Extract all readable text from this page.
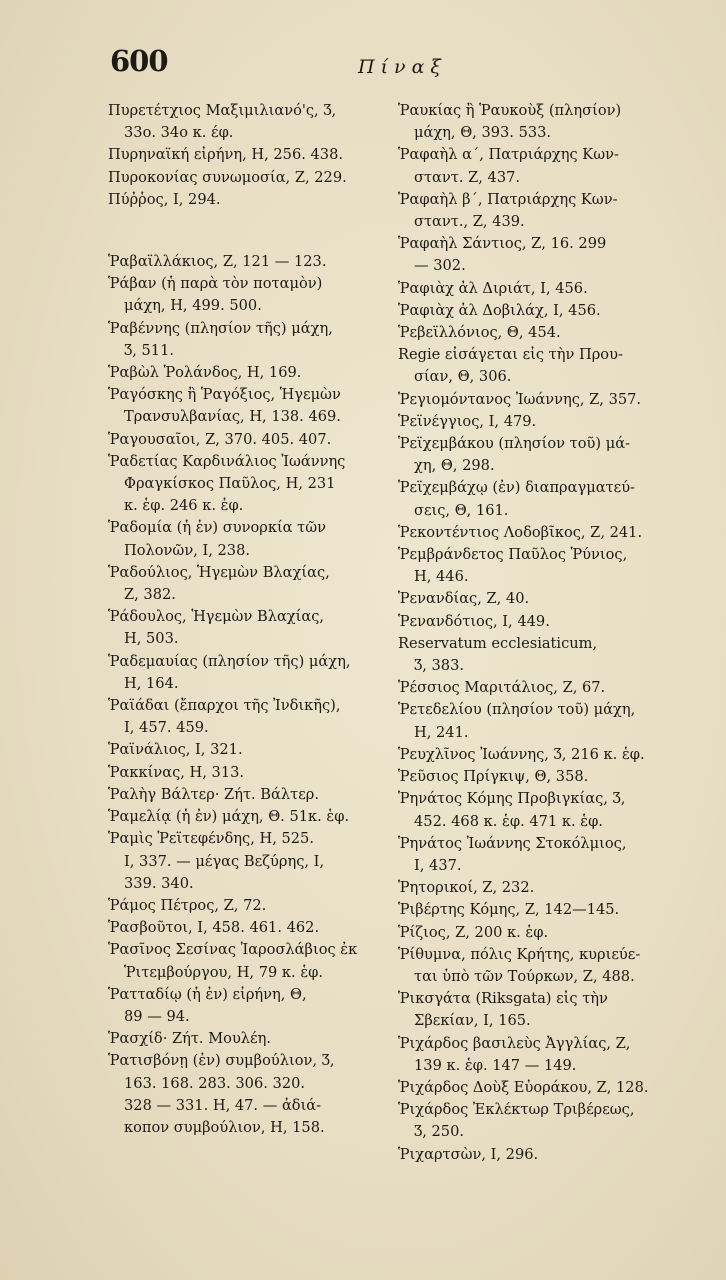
600	Πίναξ

Πυρετέτχιος Μαξιμιλιανό'ς, Ʒ,
33ο. 34ο κ. έφ.

Πυρηναϊκή εἰρήνη, Η, 256. 438.

Πυροκονίας συνωμοσία, Ζ, 229.

Πύῤῥος, Ι, 294.

Ῥαβαϊλλάκιος, Ζ, 121 — 123.

Ῥάβαν (ἡ παρὰ τὸν ποταμὸν)
μάχη, Η, 499. 500.

Ῥαβέννης (πλησίον τῆς) μάχη,
Ʒ, 511.

Ῥαβὼλ Ῥολάνδος, Η, 169.

Ῥαγόσκης ἢ Ῥαγόξιος, Ἡγεμὼν
Τρανσυλβανίας, Η, 138. 469.

Ῥαγουσαῖοι, Ζ, 370. 405. 407.

Ῥαδετίας Καρδινάλιος Ἰωάννης
Φραγκίσκος Παῦλος, Η, 231
κ. ἑφ. 246 κ. ἑφ.

Ῥαδομία (ἡ ἐν) συνορκία τῶν
Πολονῶν, Ι, 238.

Ῥαδούλιος, Ἡγεμὼν Βλαχίας,
Ζ, 382.

Ῥάδουλος, Ἡγεμὼν Βλαχίας,
Η, 503.

Ῥαδεμαυίας (πλησίον τῆς) μάχη,
Η, 164.

Ῥαϊάδαι (ἔπαρχοι τῆς Ἰνδικῆς),
Ι, 457. 459.

Ῥαϊνάλιος, Ι, 321.

Ῥακκίνας, Η, 313.

Ῥαλὴγ Βάλτερ· Ζήτ. Βάλτερ.

Ῥαμελίᾳ (ἡ ἐν) μάχη, Θ. 51κ. ἑφ.

Ῥαμὶς Ῥεϊτεφένδης, Η, 525.
Ι, 337. — μέγας Βεζύρης, Ι,
339. 340.

Ῥάμος Πέτρος, Ζ, 72.

Ῥασβοῦτοι, Ι, 458. 461. 462.

Ῥασῖνος Σεσίνας Ἰαροσλάβιος ἐκ
Ῥιτεμβούργου, Η, 79 κ. ἑφ.

Ῥατταδίῳ (ἡ ἐν) εἰρήνη, Θ,
89 — 94.

Ῥασχίδ· Ζήτ. Μουλέη.

Ῥατισβόνῃ (ἐν) συμβούλιον, Ʒ,
163. 168. 283. 306. 320.
328 — 331. Η, 47. — ἀδιά-
κοπον συμβούλιον, Η, 158.

Ῥαυκίας ἢ Ῥαυκοὺξ (πλησίον)
μάχη, Θ, 393. 533.

Ῥαφαὴλ α΄, Πατριάρχης Κων-
σταντ. Ζ, 437.

Ῥαφαὴλ β΄, Πατριάρχης Κων-
σταντ., Ζ, 439.

Ῥαφαὴλ Σάντιος, Ζ, 16. 299
— 302.

Ῥαφιὰχ ἀλ Διριάτ, Ι, 456.

Ῥαφιὰχ ἀλ Δοβιλάχ, Ι, 456.

Ῥεβεϊλλόνιος, Θ, 454.

Regie εἰσάγεται εἰς τὴν Πρου-
σίαν, Θ, 306.

Ῥεγιομόντανος Ἰωάννης, Ζ, 357.

Ῥεϊνέγγιος, Ι, 479.

Ῥεϊχεμβάκου (πλησίον τοῦ) μά-
χη, Θ, 298.

Ῥεϊχεμβάχῳ (ἐν) διαπραγματεύ-
σεις, Θ, 161.

Ῥεκοντέντιος Λοδοβῖκος, Ζ, 241.

Ῥεμβράνδετος Παῦλος Ῥύνιος,
Η, 446.

Ῥενανδίας, Ζ, 40.

Ῥενανδότιος, Ι, 449.

Reservatum ecclesiaticum,
Ʒ, 383.

Ῥέσσιος Μαριτάλιος, Ζ, 67.

Ῥετεδελίου (πλησίον τοῦ) μάχη,
Η, 241.

Ῥευχλῖνος Ἰωάννης, Ʒ, 216 κ. ἑφ.

Ῥεῦσιος Πρίγκιψ, Θ, 358.

Ῥηνάτος Κόμης Προβιγκίας, Ʒ,
452. 468 κ. ἑφ. 471 κ. ἑφ.

Ῥηνάτος Ἰωάννης Στοκόλμιος,
Ι, 437.

Ῥητορικοί, Ζ, 232.

Ῥιβέρτης Κόμης, Ζ, 142—145.

Ῥίζιος, Ζ, 200 κ. ἑφ.

Ῥίθυμνα, πόλις Κρήτης, κυριεύε-
ται ὑπὸ τῶν Τούρκων, Ζ, 488.

Ῥικσγάτα (Riksgata) εἰς τὴν
Σβεκίαν, Ι, 165.

Ῥιχάρδος βασιλεὺς Ἀγγλίας, Ζ,
139 κ. ἑφ. 147 — 149.

Ῥιχάρδος Δοὺξ Εὐοράκου, Ζ, 128.

Ῥιχάρδος Ἐκλέκτωρ Τριβέρεως,
Ʒ, 250.

Ῥιχαρτσὼν, Ι, 296.
